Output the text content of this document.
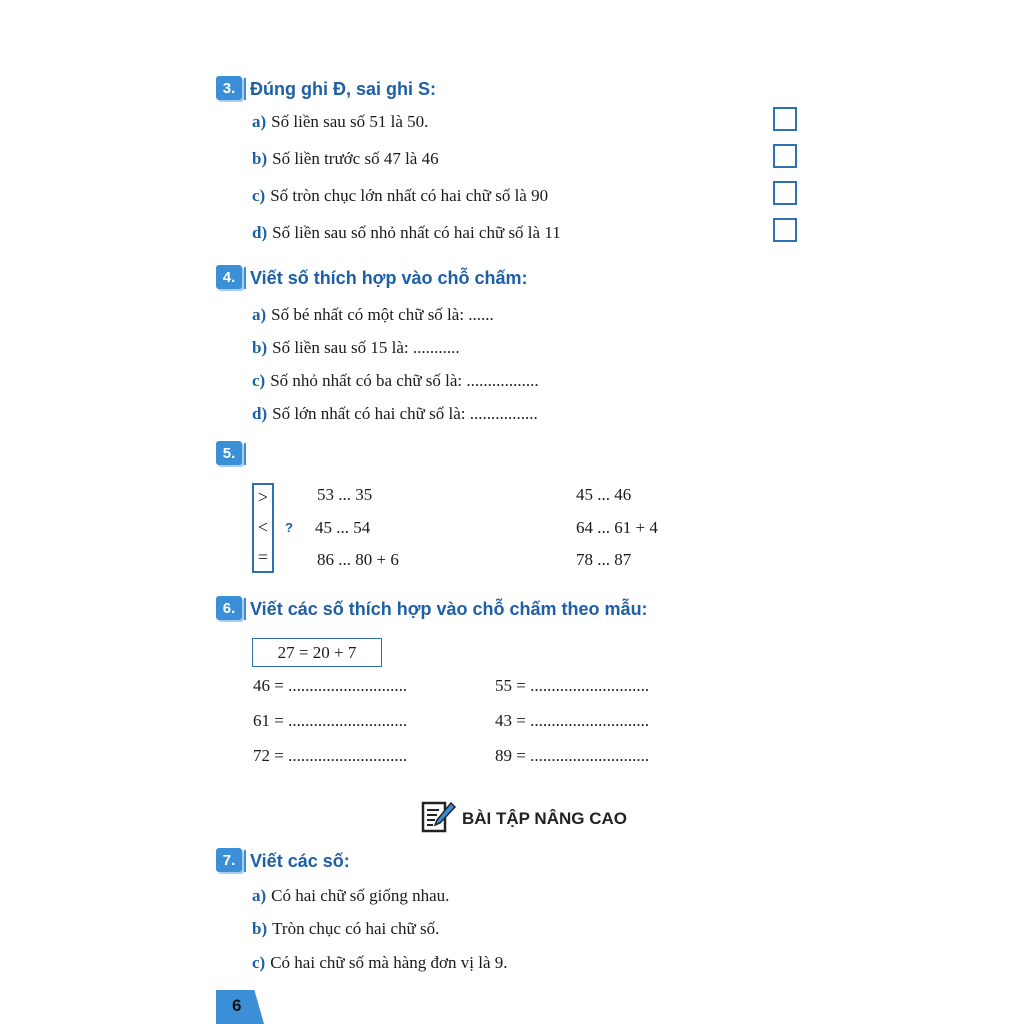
3. Đúng ghi Đ, sai ghi S:
a) Số liền sau số 51 là 50.
b) Số liền trước số 47 là 46
c) Số tròn chục lớn nhất có hai chữ số là 90
d) Số liền sau số nhỏ nhất có hai chữ số là 11
4. Viết số thích hợp vào chỗ chấm:
a) Số bé nhất có một chữ số là: ......
b) Số liền sau số 15 là: ...........
c) Số nhỏ nhất có ba chữ số là: .................
d) Số lớn nhất có hai chữ số là: ................
5.
>
<
=
?
53 ... 35
45 ... 54
86 ... 80 + 6
45 ... 46
64 ... 61 + 4
78 ... 87
6. Viết các số thích hợp vào chỗ chấm theo mẫu:
27 = 20 + 7
46 = ............................
61 = ............................
72 = ............................
55 = ............................
43 = ............................
89 = ............................
BÀI TẬP NÂNG CAO
7. Viết các số:
a) Có hai chữ số giống nhau.
b) Tròn chục có hai chữ số.
c) Có hai chữ số mà hàng đơn vị là 9.
6
